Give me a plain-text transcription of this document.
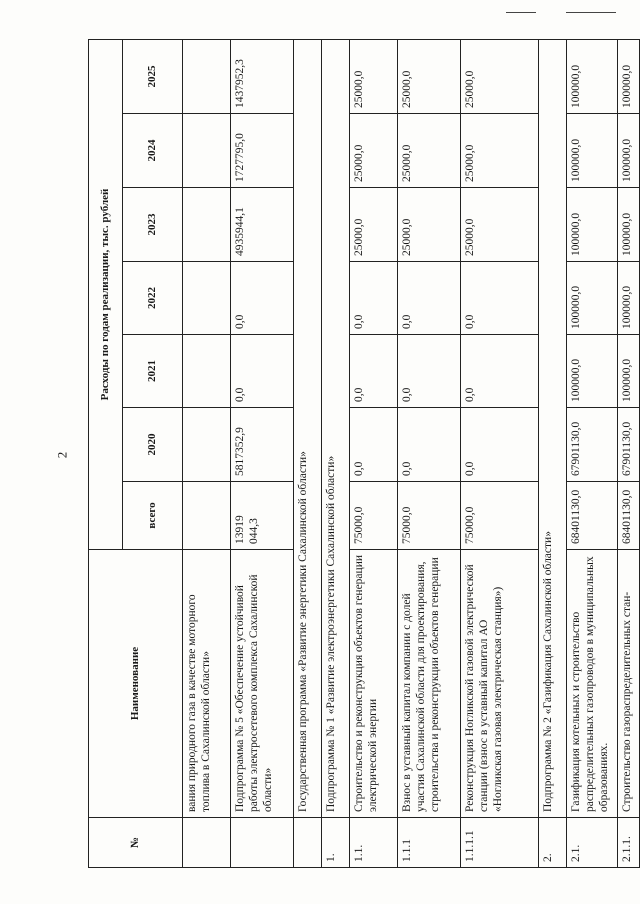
2
№	Наименование	Расходы по годам реализации, тыс. рублей						
		всего	2020	2021	2022	2023	2024	2025
	вания природного газа в качестве моторного топлива в Сахалинской области»							
	Подпрограмма № 5 «Обеспечение устойчивой работы электросетевого комплекса Сахалинской области»	13919 044,3	5817352,9	0,0	0,0	4935944,1	1727795,0	1437952,3
	Государственная программа «Развитие энергетики Сахалинской области»							
1.	Подпрограмма № 1 «Развитие электроэнергетики Сахалинской области»							
1.1.	Строительство и реконструкция объектов генерации электрической энергии	75000,0	0,0	0,0	0,0	25000,0	25000,0	25000,0
1.1.1	Взнос в уставный капитал компании с долей участия Сахалинской области для проектирования, строительства и реконструкции объектов генерации	75000,0	0,0	0,0	0,0	25000,0	25000,0	25000,0
1.1.1.1	Реконструкция Ногликской газовой электрической станции (взнос в уставный капитал АО «Ногликская газовая электрическая станция»)	75000,0	0,0	0,0	0,0	25000,0	25000,0	25000,0
2.	Подпрограмма № 2 «Газификация Сахалинской области»							
2.1.	Газификация котельных и строительство распределительных газопроводов в муниципальных образованиях.	68401130,0	67901130,0	100000,0	100000,0	100000,0	100000,0	100000,0
2.1.1.	Строительство газораспределительных стан-	68401130,0	67901130,0	100000,0	100000,0	100000,0	100000,0	100000,0
